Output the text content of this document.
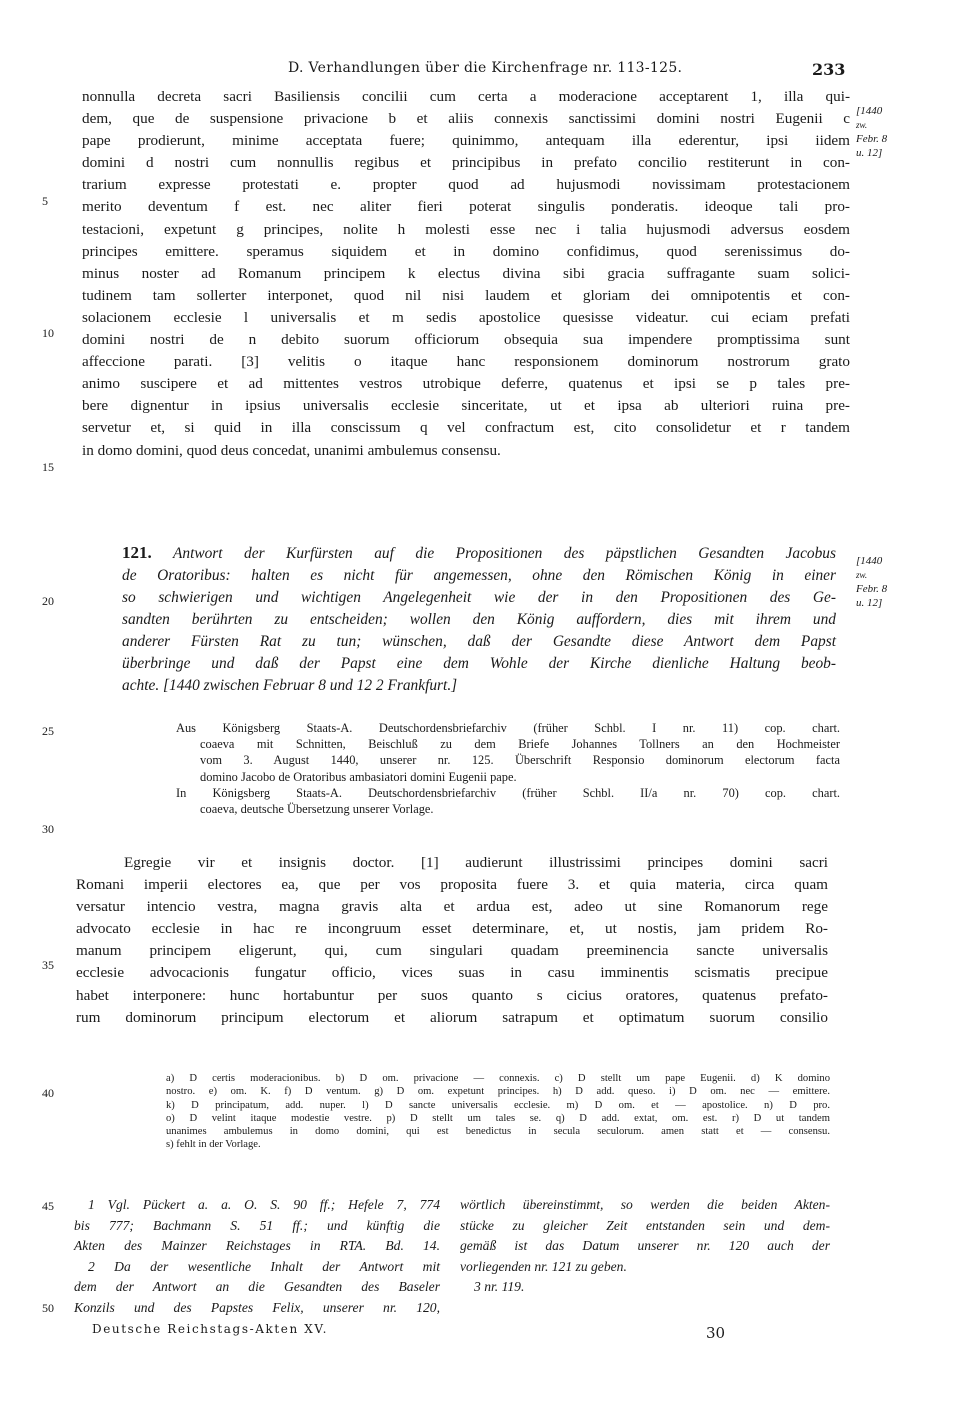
D. Verhandlungen über die Kirchenfrage nr. 113-125.	233
[1440
zw.
Febr. 8
u. 12]
nonnulla decreta sacri Basiliensis concilii cum certa a moderacione acceptarent 1, illa qui-
dem, que de suspensione privacione b et aliis connexis sanctissimi domini nostri Eugenii c
pape prodierunt, minime acceptata fuere; quinimmo, antequam illa ederentur, ipsi iidem
domini d nostri cum nonnullis regibus et principibus in prefato concilio restiterunt in con-
trarium expresse protestati e. propter quod ad hujusmodi novissimam protestacionem
merito deventum f est. nec aliter fieri poterat singulis ponderatis. ideoque tali pro-
testacioni, expetunt g principes, nolite h molesti esse nec i talia hujusmodi adversus eosdem
principes emittere. speramus siquidem et in domino confidimus, quod serenissimus do-
minus noster ad Romanum principem k electus divina sibi gracia suffragante suam solici-
tudinem tam sollerter interponet, quod nil nisi laudem et gloriam dei omnipotentis et con-
solacionem ecclesie l universalis et m sedis apostolice quesisse videatur. cui eciam prefati
domini nostri de n debito suorum officiorum obsequia sua impendere promptissima sunt
affeccione parati. [3] velitis o itaque hanc responsionem dominorum nostrorum grato
animo suscipere et ad mittentes vestros utrobique deferre, quatenus et ipsi se p tales pre-
bere dignentur in ipsius universalis ecclesie sinceritate, ut et ipsa ab ulteriori ruina pre-
servetur et, si quid in illa conscissum q vel confractum est, cito consolidetur et r tandem
in domo domini, quod deus concedat, unanimi ambulemus consensu.
5
10
15
20
25
30
35
40
45
50
121. Antwort der Kurfürsten auf die Propositionen des päpstlichen Gesandten Jacobus
de Oratoribus: halten es nicht für angemessen, ohne den Römischen König in einer
so schwierigen und wichtigen Angelegenheit wie der in den Propositionen des Ge-
sandten berührten zu entscheiden; wollen den König auffordern, dies mit ihrem und
anderer Fürsten Rat zu tun; wünschen, daß der Gesandte diese Antwort dem Papst
überbringe und daß der Papst eine dem Wohle der Kirche dienliche Haltung beob-
achte. [1440 zwischen Februar 8 und 12 2 Frankfurt.]
[1440
zw.
Febr. 8
u. 12]
Aus Königsberg Staats-A. Deutschordensbriefarchiv (früher Schbl. I nr. 11) cop. chart.
coaeva mit Schnitten, Beischluß zu dem Briefe Johannes Tollners an den Hochmeister
vom 3. August 1440, unserer nr. 125. Überschrift Responsio dominorum electorum facta
domino Jacobo de Oratoribus ambasiatori domini Eugenii pape.
In Königsberg Staats-A. Deutschordensbriefarchiv (früher Schbl. II/a nr. 70) cop. chart.
coaeva, deutsche Übersetzung unserer Vorlage.
Egregie vir et insignis doctor. [1] audierunt illustrissimi principes domini sacri
Romani imperii electores ea, que per vos proposita fuere 3. et quia materia, circa quam
versatur intencio vestra, magna gravis alta et ardua est, adeo ut sine Romanorum rege
advocato ecclesie in hac re incongruum esset determinare, et, ut nostis, jam pridem Ro-
manum principem eligerunt, qui, cum singulari quadam preeminencia sancte universalis
ecclesie advocacionis fungatur officio, vices suas in casu imminentis scismatis precipue
habet interponere: hunc hortabuntur per suos quanto s cicius oratores, quatenus prefato-
rum dominorum principum electorum et aliorum satrapum et optimatum suorum consilio
a) D certis moderacionibus. b) D om. privacione — connexis. c) D stellt um pape Eugenii. d) K domino
nostro. e) om. K. f) D ventum. g) D om. expetunt principes. h) D add. queso. i) D om. nec — emittere.
k) D principatum, add. nuper. l) D sancte universalis ecclesie. m) D om. et — apostolice. n) D pro.
o) D velint itaque modestie vestre. p) D stellt um tales se. q) D add. extat, om. est. r) D ut tandem
unanimes ambulemus in domo domini, qui est benedictus in secula seculorum. amen statt et — consensu.
s) fehlt in der Vorlage.
1 Vgl. Pückert a. a. O. S. 90 ff.; Hefele 7, 774
bis 777; Bachmann S. 51 ff.; und künftig die
Akten des Mainzer Reichstages in RTA. Bd. 14.
2 Da der wesentliche Inhalt der Antwort mit
dem der Antwort an die Gesandten des Baseler
Konzils und des Papstes Felix, unserer nr. 120,
wörtlich übereinstimmt, so werden die beiden Akten-
stücke zu gleicher Zeit entstanden sein und dem-
gemäß ist das Datum unserer nr. 120 auch der
vorliegenden nr. 121 zu geben.
3 nr. 119.
Deutsche Reichstags-Akten XV.	30
